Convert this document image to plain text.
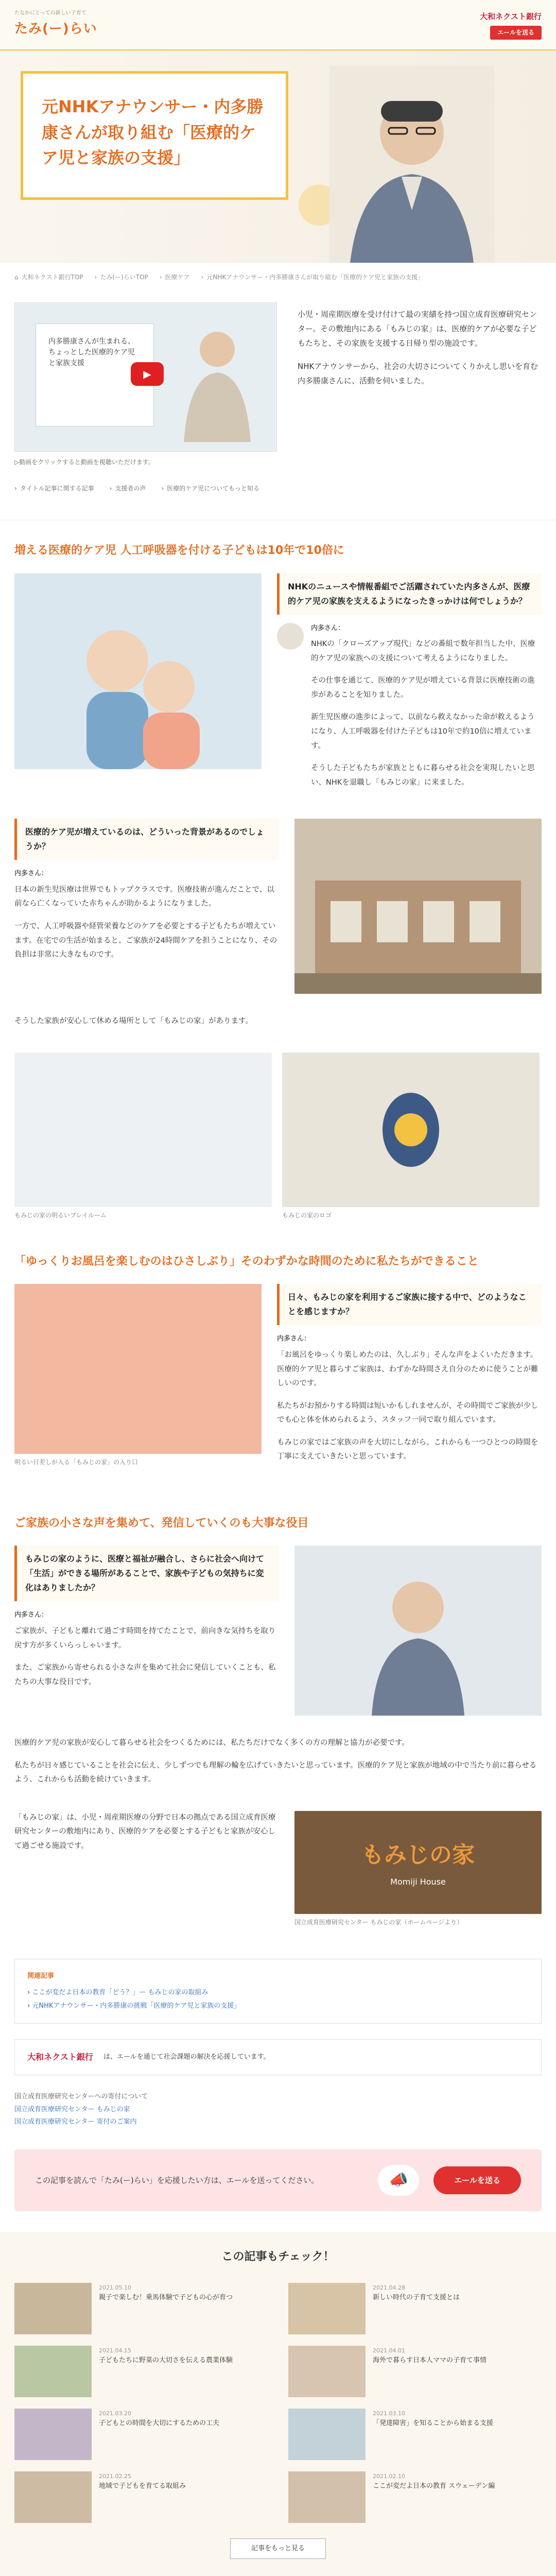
たなかにとっての新しい子育て
たみ(ー)らい
大和ネクスト銀行
エールを送る
元NHKアナウンサー・内多勝康さんが取り組む「医療的ケア児と家族の支援」
⌂ 大和ネクスト銀行TOP › たみ(ー)らいTOP › 医療ケア › 元NHKアナウンサー・内多勝康さんが取り組む「医療的ケア児と家族の支援」
内多勝康さんが生まれる、ちょっとした医療的ケア児と家族支援
▶
▷動画をクリックすると動画を視聴いただけます。

小児・周産期医療を受け付けて最の実績を持つ国立成育医療研究センター。その敷地内にある「もみじの家」は、医療的ケアが必要な子どもたちと、その家族を支援する日帰り型の施設です。

NHKアナウンサーから、社会の大切さについてくりかえし思いを育む内多勝康さんに、活動を伺いました。

› タイトル記事に関する記事	› 支援者の声	› 医療的ケア児についてもっと知る
増える医療的ケア児 人工呼吸器を付ける子どもは10年で10倍に
NHKのニュースや情報番組でご活躍されていた内多さんが、医療的ケア児の家族を支えるようになったきっかけは何でしょうか？
内多さん：

NHKの「クローズアップ現代」などの番組で数年担当した中、医療的ケア児の家族への支援について考えるようになりました。

その仕事を通じて、医療的ケア児が増えている背景に医療技術の進歩があることを知りました。

新生児医療の進歩によって、以前なら救えなかった命が救えるようになり、人工呼吸器を付けた子どもは10年で約10倍に増えています。

そうした子どもたちが家族とともに暮らせる社会を実現したいと思い、NHKを退職し「もみじの家」に来ました。

医療的ケア児が増えているのは、どういった背景があるのでしょうか？
内多さん：

日本の新生児医療は世界でもトップクラスです。医療技術が進んだことで、以前なら亡くなっていた赤ちゃんが助かるようになりました。

一方で、人工呼吸器や経管栄養などのケアを必要とする子どもたちが増えています。在宅での生活が始まると、ご家族が24時間ケアを担うことになり、その負担は非常に大きなものです。

そうした家族が安心して休める場所として「もみじの家」があります。

もみじの家の明るいプレイルーム	もみじの家のロゴ
「ゆっくりお風呂を楽しむのはひさしぶり」そのわずかな時間のために私たちができること
明るい日差しが入る「もみじの家」の入り口
日々、もみじの家を利用するご家族に接する中で、どのようなことを感じますか？
内多さん：

「お風呂をゆっくり楽しめたのは、久しぶり」そんな声をよくいただきます。医療的ケア児と暮らすご家族は、わずかな時間さえ自分のために使うことが難しいのです。

私たちがお預かりする時間は短いかもしれませんが、その時間でご家族が少しでも心と体を休められるよう、スタッフ一同で取り組んでいます。

もみじの家ではご家族の声を大切にしながら、これからも一つひとつの時間を丁寧に支えていきたいと思っています。

ご家族の小さな声を集めて、発信していくのも大事な役目
もみじの家のように、医療と福祉が融合し、さらに社会へ向けて「生活」ができる場所があることで、家族や子どもの気持ちに変化はありましたか？
内多さん：

ご家族が、子どもと離れて過ごす時間を持てたことで、前向きな気持ちを取り戻す方が多くいらっしゃいます。

また、ご家族から寄せられる小さな声を集めて社会に発信していくことも、私たちの大事な役目です。

医療的ケア児の家族が安心して暮らせる社会をつくるためには、私たちだけでなく多くの方の理解と協力が必要です。

私たちが日々感じていることを社会に伝え、少しずつでも理解の輪を広げていきたいと思っています。医療的ケア児と家族が地域の中で当たり前に暮らせるよう、これからも活動を続けていきます。

「もみじの家」は、小児・周産期医療の分野で日本の拠点である国立成育医療研究センターの敷地内にあり、医療的ケアを必要とする子どもと家族が安心して過ごせる施設です。	もみじの家
Momiji House
国立成育医療研究センター もみじの家（ホームページより）
関連記事
› ここが変だよ日本の教育「どう？」ー もみじの家の取組み
› 元NHKアナウンサー・内多勝康の挑戦「医療的ケア児と家族の支援」
大和ネクスト銀行 は、エールを通じて社会課題の解決を応援しています。
国立成育医療研究センターへの寄付について
国立成育医療研究センター もみじの家
国立成育医療研究センター 寄付のご案内
この記事を読んで「たみ(ー)らい」を応援したい方は、エールを送ってください。	📣	エールを送る
この記事もチェック！
2021.05.10
親子で楽しむ！乗馬体験で子どもの心が育つ
2021.04.28
新しい時代の子育て支援とは
2021.04.15
子どもたちに野菜の大切さを伝える農業体験
2021.04.01
海外で暮らす日本人ママの子育て事情
2021.03.20
子どもとの時間を大切にするための工夫
2021.03.10
「発達障害」を知ることから始まる支援
2021.02.25
地域で子どもを育てる取組み
2021.02.10
ここが変だよ日本の教育 スウェーデン編
記事をもっと見る
